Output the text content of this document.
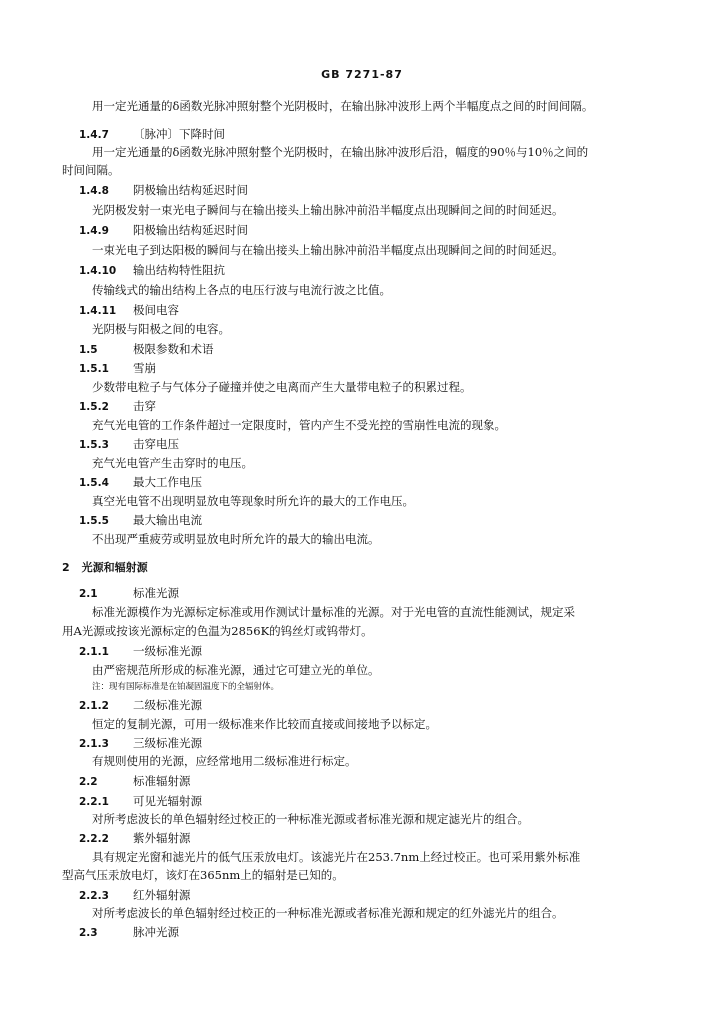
GB 7271-87
用一定光通量的δ函数光脉冲照射整个光阴极时，在输出脉冲波形上两个半幅度点之间的时间间隔。
1.4.7 〔脉冲〕下降时间
用一定光通量的δ函数光脉冲照射整个光阴极时，在输出脉冲波形后沿，幅度的90％与10％之间的
时间间隔。
1.4.8 阴极输出结构延迟时间
光阴极发射一束光电子瞬间与在输出接头上输出脉冲前沿半幅度点出现瞬间之间的时间延迟。
1.4.9 阳极输出结构延迟时间
一束光电子到达阳极的瞬间与在输出接头上输出脉冲前沿半幅度点出现瞬间之间的时间延迟。
1.4.10 输出结构特性阻抗
传输线式的输出结构上各点的电压行波与电流行波之比值。
1.4.11 极间电容
光阴极与阳极之间的电容。
1.5	极限参数和术语
1.5.1 雪崩
少数带电粒子与气体分子碰撞并使之电离而产生大量带电粒子的积累过程。
1.5.2 击穿
充气光电管的工作条件超过一定限度时，管内产生不受光控的雪崩性电流的现象。
1.5.3 击穿电压
充气光电管产生击穿时的电压。
1.5.4 最大工作电压
真空光电管不出现明显放电等现象时所允许的最大的工作电压。
1.5.5 最大输出电流
不出现严重疲劳或明显放电时所允许的最大的输出电流。
2 光源和辐射源
2.1	标准光源
标准光源模作为光源标定标准或用作测试计量标准的光源。对于光电管的直流性能测试，规定采
用A光源或按该光源标定的色温为2856K的钨丝灯或钨带灯。
2.1.1 一级标准光源
由严密规范所形成的标准光源，通过它可建立光的单位。
注：现有国际标准是在铂凝固温度下的全辐射体。
2.1.2 二级标准光源
恒定的复制光源，可用一级标准来作比较而直接或间接地予以标定。
2.1.3 三级标准光源
有规则使用的光源，应经常地用二级标准进行标定。
2.2	标准辐射源
2.2.1 可见光辐射源
对所考虑波长的单色辐射经过校正的一种标准光源或者标准光源和规定滤光片的组合。
2.2.2 紫外辐射源
具有规定光窗和滤光片的低气压汞放电灯。该滤光片在253.7nm上经过校正。也可采用紫外标准
型高气压汞放电灯，该灯在365nm上的辐射是已知的。
2.2.3 红外辐射源
对所考虑波长的单色辐射经过校正的一种标准光源或者标准光源和规定的红外滤光片的组合。
2.3	脉冲光源
